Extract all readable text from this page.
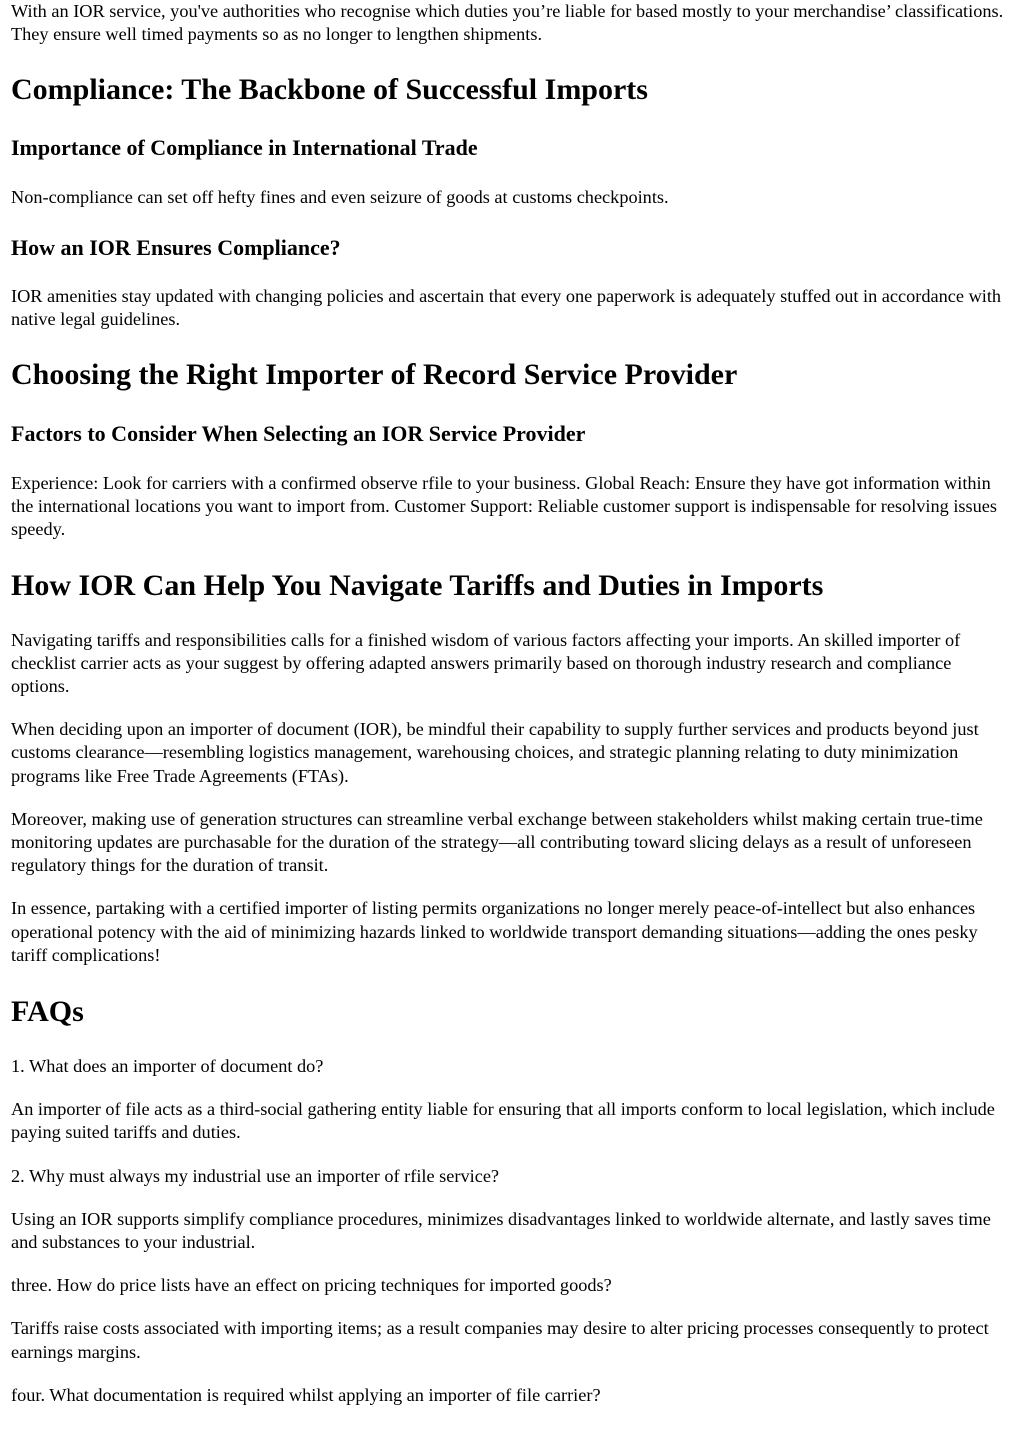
With an IOR service, you've authorities who recognise which duties you’re liable for based mostly to your merchandise’ classifications. They ensure well timed payments so as no longer to lengthen shipments.

Compliance: The Backbone of Successful Imports
Importance of Compliance in International Trade

Non-compliance can set off hefty fines and even seizure of goods at customs checkpoints.

How an IOR Ensures Compliance?

IOR amenities stay updated with changing policies and ascertain that every one paperwork is adequately stuffed out in accordance with native legal guidelines.

Choosing the Right Importer of Record Service Provider
Factors to Consider When Selecting an IOR Service Provider

Experience: Look for carriers with a confirmed observe rfile to your business. Global Reach: Ensure they have got information within the international locations you want to import from. Customer Support: Reliable customer support is indispensable for resolving issues speedy.

How IOR Can Help You Navigate Tariffs and Duties in Imports

Navigating tariffs and responsibilities calls for a finished wisdom of various factors affecting your imports. An skilled importer of checklist carrier acts as your suggest by offering adapted answers primarily based on thorough industry research and compliance options.

When deciding upon an importer of document (IOR), be mindful their capability to supply further services and products beyond just customs clearance—resembling logistics management, warehousing choices, and strategic planning relating to duty minimization programs like Free Trade Agreements (FTAs).

Moreover, making use of generation structures can streamline verbal exchange between stakeholders whilst making certain true-time monitoring updates are purchasable for the duration of the strategy—all contributing toward slicing delays as a result of unforeseen regulatory things for the duration of transit.

In essence, partaking with a certified importer of listing permits organizations no longer merely peace-of-intellect but also enhances operational potency with the aid of minimizing hazards linked to worldwide transport demanding situations—adding the ones pesky tariff complications!

FAQs

1. What does an importer of document do?

An importer of file acts as a third-social gathering entity liable for ensuring that all imports conform to local legislation, which include paying suited tariffs and duties.

2. Why must always my industrial use an importer of rfile service?

Using an IOR supports simplify compliance procedures, minimizes disadvantages linked to worldwide alternate, and lastly saves time and substances to your industrial.

three. How do price lists have an effect on pricing techniques for imported goods?

Tariffs raise costs associated with importing items; as a result companies may desire to alter pricing processes consequently to protect earnings margins.

four. What documentation is required whilst applying an importer of file carrier?
